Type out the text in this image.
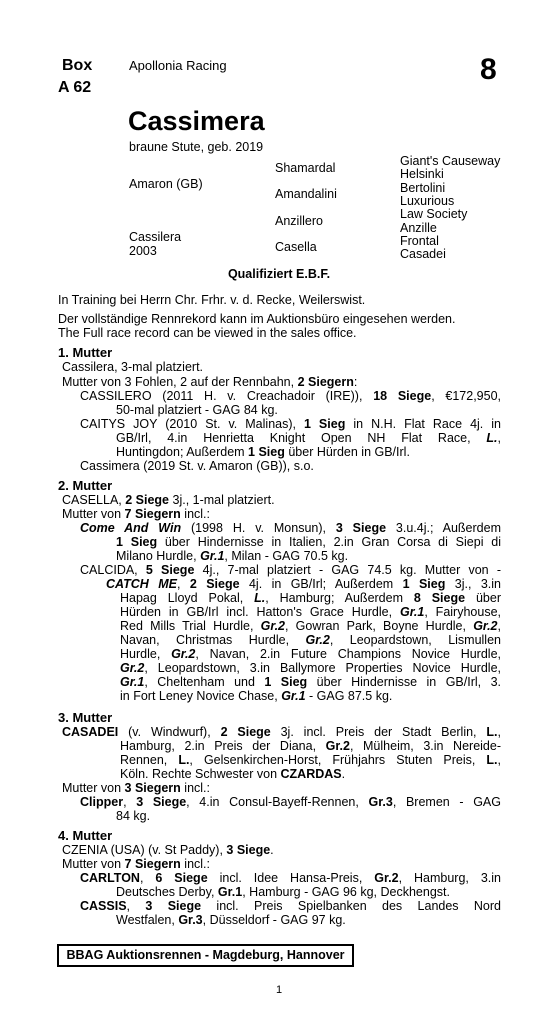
Box
A 62
Apollonia Racing	8
Cassimera
braune Stute, geb. 2019
Amaron (GB)
Cassilera
2003
Shamardal
Amandalini
Anzillero
Casella
Giant's Causeway
Helsinki
Bertolini
Luxurious
Law Society
Anzille
Frontal
Casadei
Qualifiziert E.B.F.
In Training bei Herrn Chr. Frhr. v. d. Recke, Weilerswist.
Der vollständige Rennrekord kann im Auktionsbüro eingesehen werden.
The Full race record can be viewed in the sales office.
1. Mutter
Cassilera, 3-mal platziert.
Mutter von 3 Fohlen, 2 auf der Rennbahn, 2 Siegern:
CASSILERO (2011 H. v. Creachadoir (IRE)), 18 Siege, €172,950,
50-mal platziert - GAG 84 kg.
CAITYS JOY (2010 St. v. Malinas), 1 Sieg in N.H. Flat Race 4j. in
GB/Irl, 4.in Henrietta Knight Open NH Flat Race, L.,
Huntingdon; Außerdem 1 Sieg über Hürden in GB/Irl.
Cassimera (2019 St. v. Amaron (GB)), s.o.
2. Mutter
CASELLA, 2 Siege 3j., 1-mal platziert.
Mutter von 7 Siegern incl.:
Come And Win (1998 H. v. Monsun), 3 Siege 3.u.4j.; Außerdem
1 Sieg über Hindernisse in Italien, 2.in Gran Corsa di Siepi di
Milano Hurdle, Gr.1, Milan - GAG 70.5 kg.
CALCIDA, 5 Siege 4j., 7-mal platziert - GAG 74.5 kg. Mutter von -
CATCH ME, 2 Siege 4j. in GB/Irl; Außerdem 1 Sieg 3j., 3.in
Hapag Lloyd Pokal, L., Hamburg; Außerdem 8 Siege über
Hürden in GB/Irl incl. Hatton's Grace Hurdle, Gr.1, Fairyhouse,
Red Mills Trial Hurdle, Gr.2, Gowran Park, Boyne Hurdle, Gr.2,
Navan, Christmas Hurdle, Gr.2, Leopardstown, Lismullen
Hurdle, Gr.2, Navan, 2.in Future Champions Novice Hurdle,
Gr.2, Leopardstown, 3.in Ballymore Properties Novice Hurdle,
Gr.1, Cheltenham und 1 Sieg über Hindernisse in GB/Irl, 3.
in Fort Leney Novice Chase, Gr.1 - GAG 87.5 kg.
3. Mutter
CASADEI (v. Windwurf), 2 Siege 3j. incl. Preis der Stadt Berlin, L.,
Hamburg, 2.in Preis der Diana, Gr.2, Mülheim, 3.in Nereide-
Rennen, L., Gelsenkirchen-Horst, Frühjahrs Stuten Preis, L.,
Köln. Rechte Schwester von CZARDAS.
Mutter von 3 Siegern incl.:
Clipper, 3 Siege, 4.in Consul-Bayeff-Rennen, Gr.3, Bremen - GAG
84 kg.
4. Mutter
CZENIA (USA) (v. St Paddy), 3 Siege.
Mutter von 7 Siegern incl.:
CARLTON, 6 Siege incl. Idee Hansa-Preis, Gr.2, Hamburg, 3.in
Deutsches Derby, Gr.1, Hamburg - GAG 96 kg, Deckhengst.
CASSIS, 3 Siege incl. Preis Spielbanken des Landes Nord
Westfalen, Gr.3, Düsseldorf - GAG 97 kg.
BBAG Auktionsrennen - Magdeburg, Hannover
1
